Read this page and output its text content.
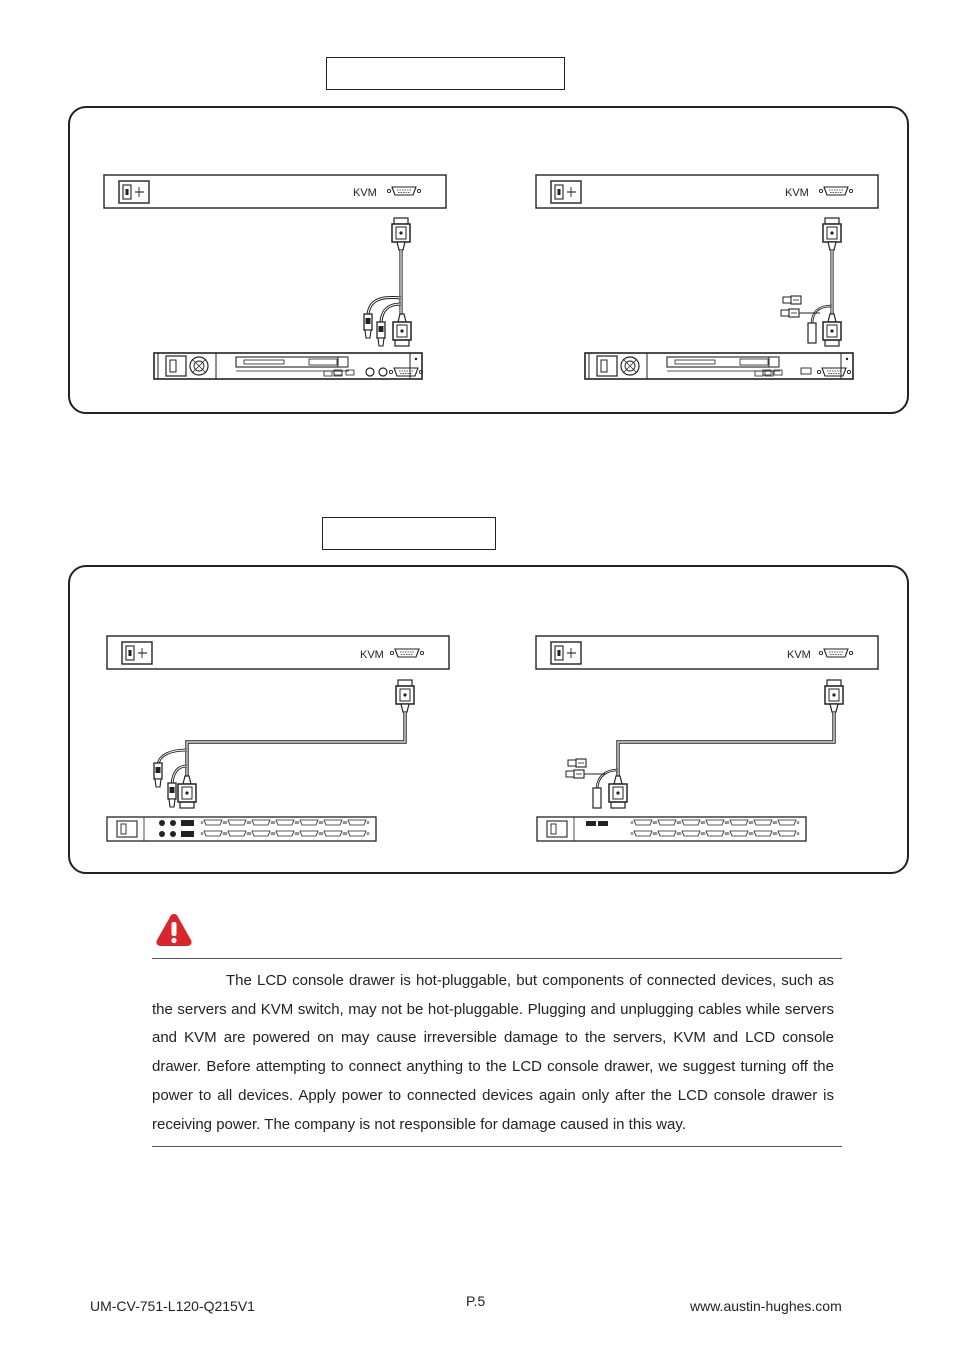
KVM	KVM
KVM	KVM

The LCD console drawer is hot-pluggable, but components of connected devices, such as the servers and KVM switch, may not be hot-pluggable. Plugging and unplugging cables while servers and KVM are powered on may cause irreversible damage to the servers, KVM and LCD console drawer. Before attempting to connect anything to the LCD console drawer, we suggest turning off the power to all devices. Apply power to connected devices again only after the LCD console drawer is receiving power. The company is not responsible for damage caused in this way.

UM-CV-751-L120-Q215V1	P.5	www.austin-hughes.com
